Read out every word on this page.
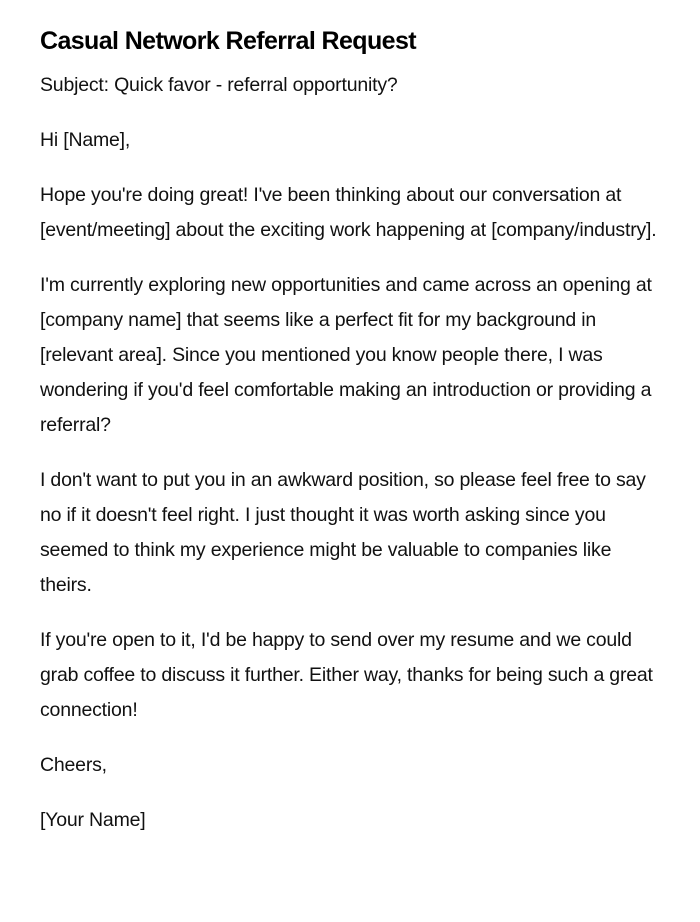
Casual Network Referral Request

Subject: Quick favor - referral opportunity?

Hi [Name],

Hope you're doing great! I've been thinking about our conversation at [event/meeting] about the exciting work happening at [company/industry].

I'm currently exploring new opportunities and came across an opening at [company name] that seems like a perfect fit for my background in [relevant area]. Since you mentioned you know people there, I was wondering if you'd feel comfortable making an introduction or providing a referral?

I don't want to put you in an awkward position, so please feel free to say no if it doesn't feel right. I just thought it was worth asking since you seemed to think my experience might be valuable to companies like theirs.

If you're open to it, I'd be happy to send over my resume and we could grab coffee to discuss it further. Either way, thanks for being such a great connection!

Cheers,

[Your Name]
